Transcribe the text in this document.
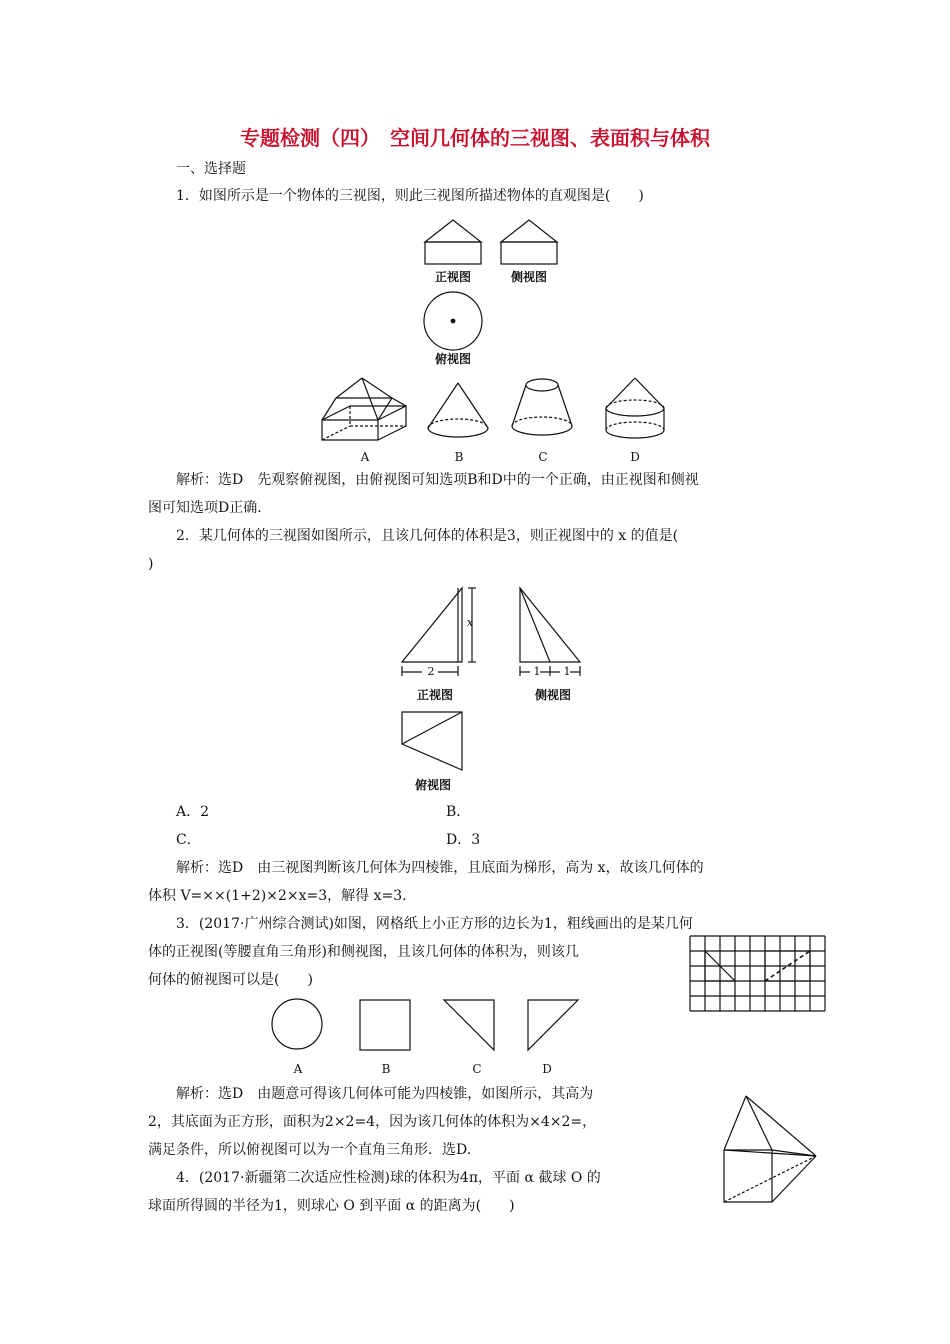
专题检测（四）　空间几何体的三视图、表面积与体积
一、选择题
1．如图所示是一个物体的三视图，则此三视图所描述物体的直观图是(　　)
正视图	侧视图
俯视图
A	B	C	D
解析：选D　先观察俯视图，由俯视图可知选项B和D中的一个正确，由正视图和侧视
图可知选项D正确．
2．某几何体的三视图如图所示，且该几何体的体积是3，则正视图中的 x 的值是(
)
x
2	1	1
正视图	侧视图
俯视图
A．2	B．
C．	D．3
解析：选D　由三视图判断该几何体为四棱锥，且底面为梯形，高为 x，故该几何体的
体积 V=××(1+2)×2×x=3，解得 x=3.
3．(2017·广州综合测试)如图，网格纸上小正方形的边长为1，粗线画出的是某几何
体的正视图(等腰直角三角形)和侧视图，且该几何体的体积为，则该几
何体的俯视图可以是(　　)
A	B	C	D
解析：选D　由题意可得该几何体可能为四棱锥，如图所示，其高为
2，其底面为正方形，面积为2×2=4，因为该几何体的体积为×4×2=，
满足条件，所以俯视图可以为一个直角三角形．选D.
4．(2017·新疆第二次适应性检测)球的体积为4π，平面 α 截球 O 的
球面所得圆的半径为1，则球心 O 到平面 α 的距离为(　　)
